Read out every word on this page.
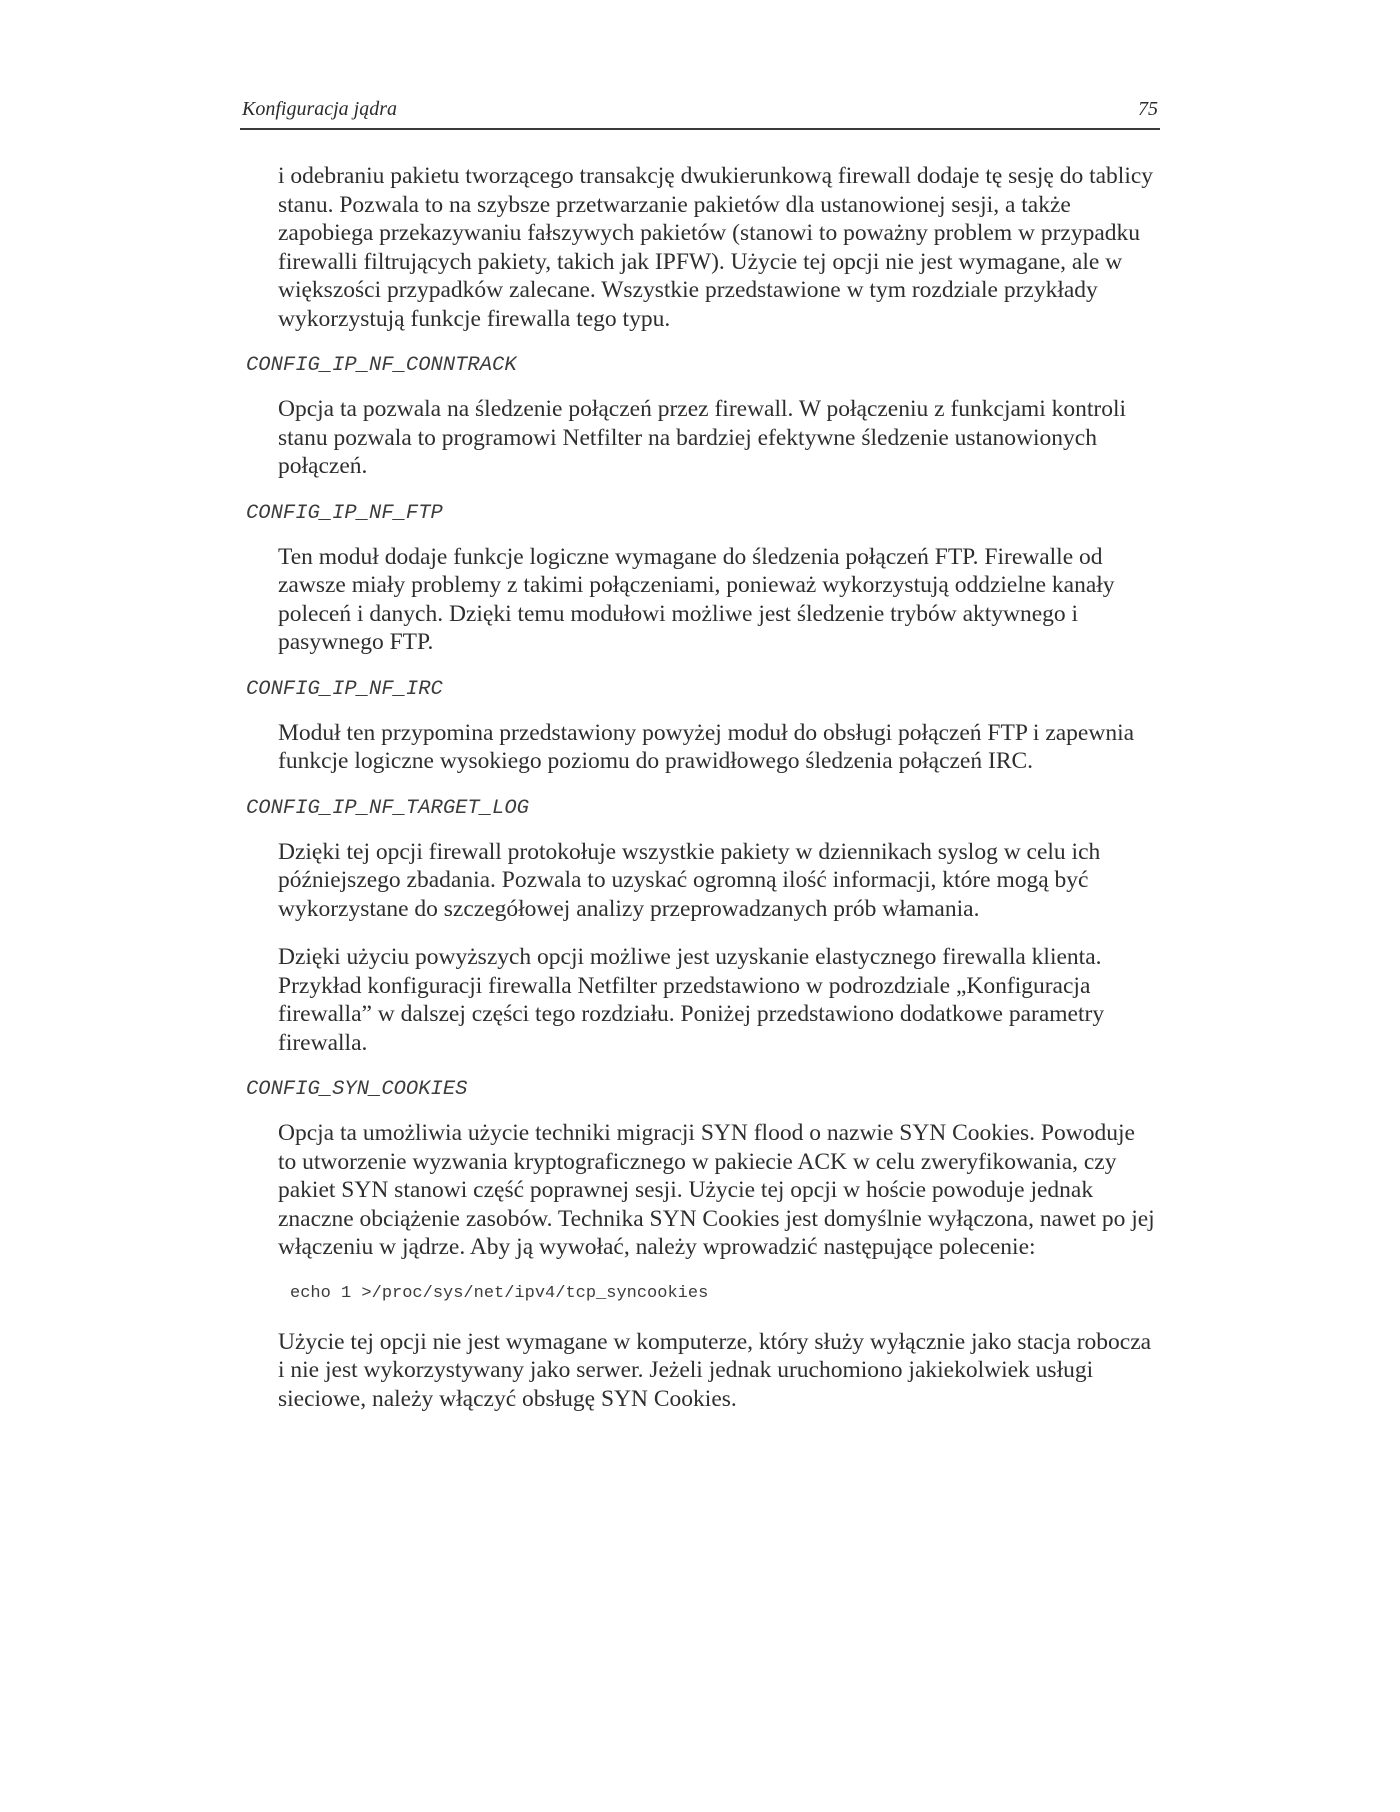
Konfiguracja jądra	75

i odebraniu pakietu tworzącego transakcję dwukierunkową firewall dodaje tę sesję do tablicy stanu. Pozwala to na szybsze przetwarzanie pakietów dla ustanowionej sesji, a także zapobiega przekazywaniu fałszywych pakietów (stanowi to poważny problem w przypadku firewalli filtrujących pakiety, takich jak IPFW). Użycie tej opcji nie jest wymagane, ale w większości przypadków zalecane. Wszystkie przedstawione w tym rozdziale przykłady wykorzystują funkcje firewalla tego typu.

CONFIG_IP_NF_CONNTRACK

Opcja ta pozwala na śledzenie połączeń przez firewall. W połączeniu z funkcjami kontroli stanu pozwala to programowi Netfilter na bardziej efektywne śledzenie ustanowionych połączeń.

CONFIG_IP_NF_FTP

Ten moduł dodaje funkcje logiczne wymagane do śledzenia połączeń FTP. Firewalle od zawsze miały problemy z takimi połączeniami, ponieważ wykorzystują oddzielne kanały poleceń i danych. Dzięki temu modułowi możliwe jest śledzenie trybów aktywnego i pasywnego FTP.

CONFIG_IP_NF_IRC

Moduł ten przypomina przedstawiony powyżej moduł do obsługi połączeń FTP i zapewnia funkcje logiczne wysokiego poziomu do prawidłowego śledzenia połączeń IRC.

CONFIG_IP_NF_TARGET_LOG

Dzięki tej opcji firewall protokołuje wszystkie pakiety w dziennikach syslog w celu ich późniejszego zbadania. Pozwala to uzyskać ogromną ilość informacji, które mogą być wykorzystane do szczegółowej analizy przeprowadzanych prób włamania.

Dzięki użyciu powyższych opcji możliwe jest uzyskanie elastycznego firewalla klienta. Przykład konfiguracji firewalla Netfilter przedstawiono w podrozdziale „Konfiguracja firewalla” w dalszej części tego rozdziału. Poniżej przedstawiono dodatkowe parametry firewalla.

CONFIG_SYN_COOKIES

Opcja ta umożliwia użycie techniki migracji SYN flood o nazwie SYN Cookies. Powoduje to utworzenie wyzwania kryptograficznego w pakiecie ACK w celu zweryfikowania, czy pakiet SYN stanowi część poprawnej sesji. Użycie tej opcji w hoście powoduje jednak znaczne obciążenie zasobów. Technika SYN Cookies jest domyślnie wyłączona, nawet po jej włączeniu w jądrze. Aby ją wywołać, należy wprowadzić następujące polecenie:

echo 1 >/proc/sys/net/ipv4/tcp_syncookies

Użycie tej opcji nie jest wymagane w komputerze, który służy wyłącznie jako stacja robocza i nie jest wykorzystywany jako serwer. Jeżeli jednak uruchomiono jakiekolwiek usługi sieciowe, należy włączyć obsługę SYN Cookies.
